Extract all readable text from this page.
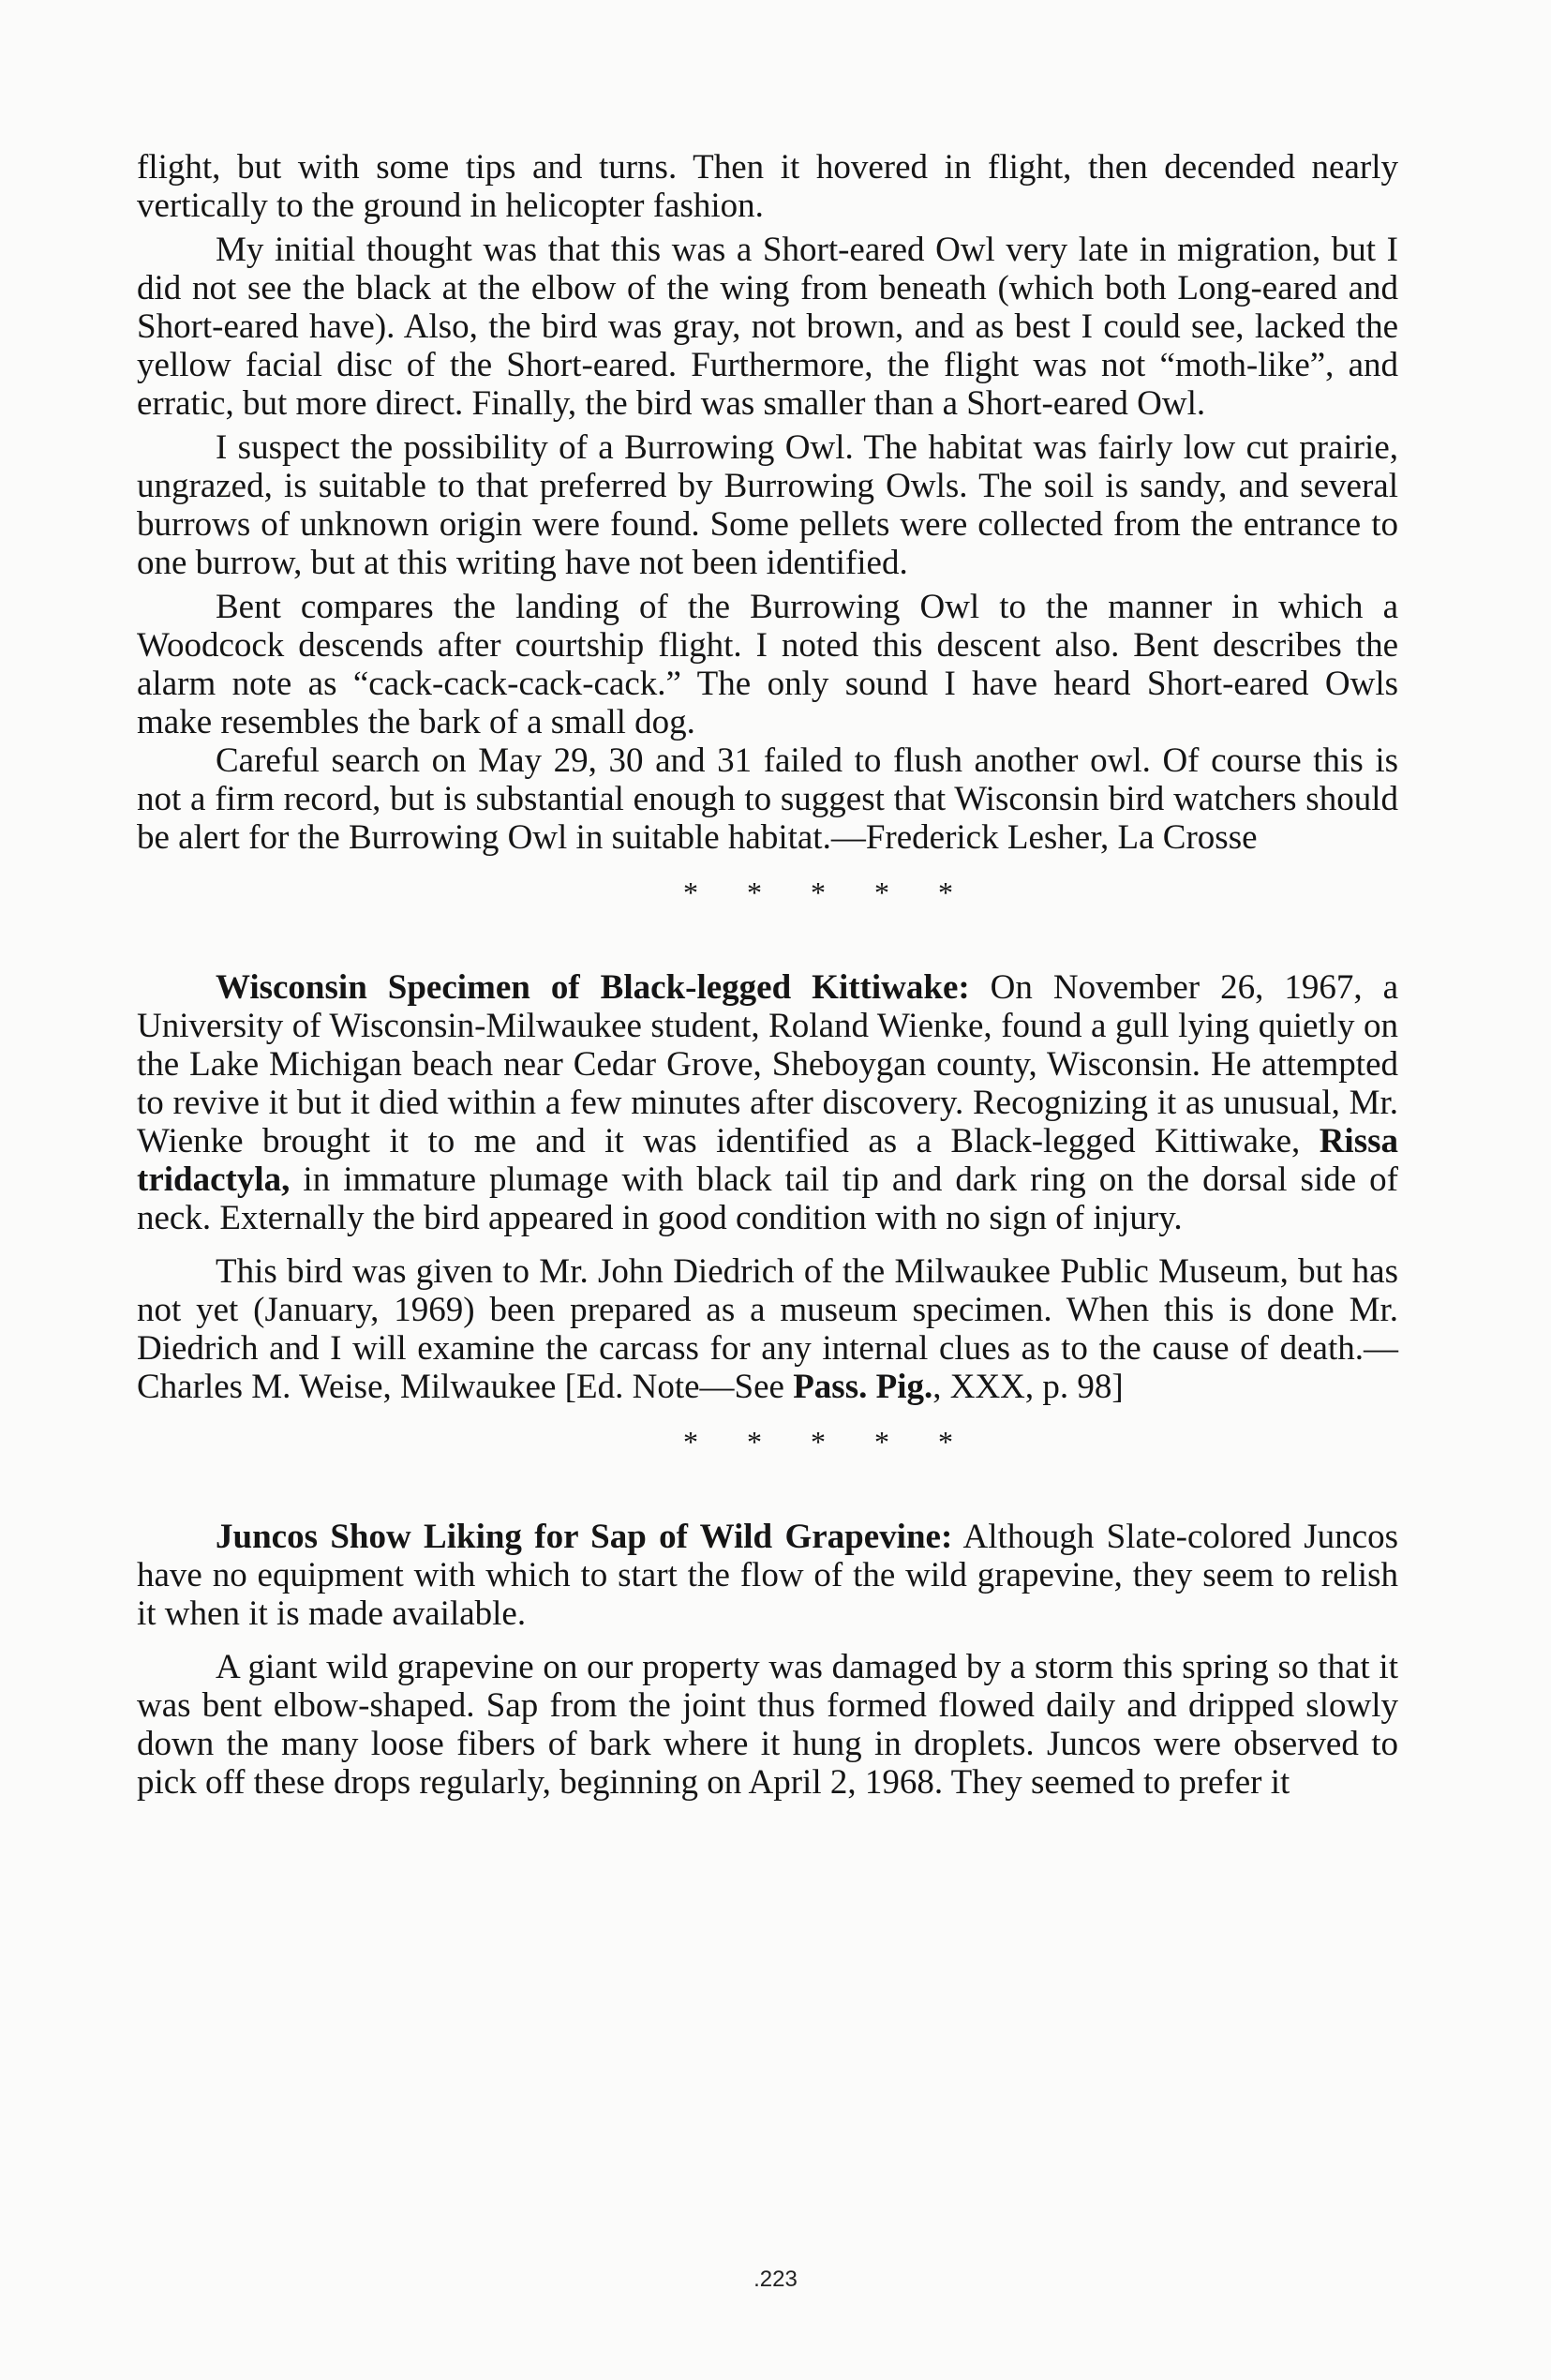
flight, but with some tips and turns. Then it hovered in flight, then decended nearly vertically to the ground in helicopter fashion.

My initial thought was that this was a Short-eared Owl very late in migration, but I did not see the black at the elbow of the wing from beneath (which both Long-eared and Short-eared have). Also, the bird was gray, not brown, and as best I could see, lacked the yellow facial disc of the Short-eared. Furthermore, the flight was not “moth-like”, and erratic, but more direct. Finally, the bird was smaller than a Short-eared Owl.

I suspect the possibility of a Burrowing Owl. The habitat was fairly low cut prairie, ungrazed, is suitable to that preferred by Burrowing Owls. The soil is sandy, and several burrows of unknown origin were found. Some pellets were collected from the entrance to one burrow, but at this writing have not been identified.

Bent compares the landing of the Burrowing Owl to the manner in which a Woodcock descends after courtship flight. I noted this descent also. Bent describes the alarm note as “cack-cack-cack-cack.” The only sound I have heard Short-eared Owls make resembles the bark of a small dog.

Careful search on May 29, 30 and 31 failed to flush another owl. Of course this is not a firm record, but is substantial enough to suggest that Wisconsin bird watchers should be alert for the Burrowing Owl in suitable habitat.—Frederick Lesher, La Crosse

* * * * *

Wisconsin Specimen of Black-legged Kittiwake: On November 26, 1967, a University of Wisconsin-Milwaukee student, Roland Wienke, found a gull lying quietly on the Lake Michigan beach near Cedar Grove, Sheboygan county, Wisconsin. He attempted to revive it but it died within a few minutes after discovery. Recognizing it as unusual, Mr. Wienke brought it to me and it was identified as a Black-legged Kittiwake, Rissa tridactyla, in immature plumage with black tail tip and dark ring on the dorsal side of neck. Externally the bird appeared in good condition with no sign of injury.

This bird was given to Mr. John Diedrich of the Milwaukee Public Museum, but has not yet (January, 1969) been prepared as a museum specimen. When this is done Mr. Diedrich and I will examine the carcass for any internal clues as to the cause of death.—Charles M. Weise, Milwaukee [Ed. Note—See Pass. Pig., XXX, p. 98]

* * * * *

Juncos Show Liking for Sap of Wild Grapevine: Although Slate-colored Juncos have no equipment with which to start the flow of the wild grapevine, they seem to relish it when it is made available.

A giant wild grapevine on our property was damaged by a storm this spring so that it was bent elbow-shaped. Sap from the joint thus formed flowed daily and dripped slowly down the many loose fibers of bark where it hung in droplets. Juncos were observed to pick off these drops regularly, beginning on April 2, 1968. They seemed to prefer it

.223
